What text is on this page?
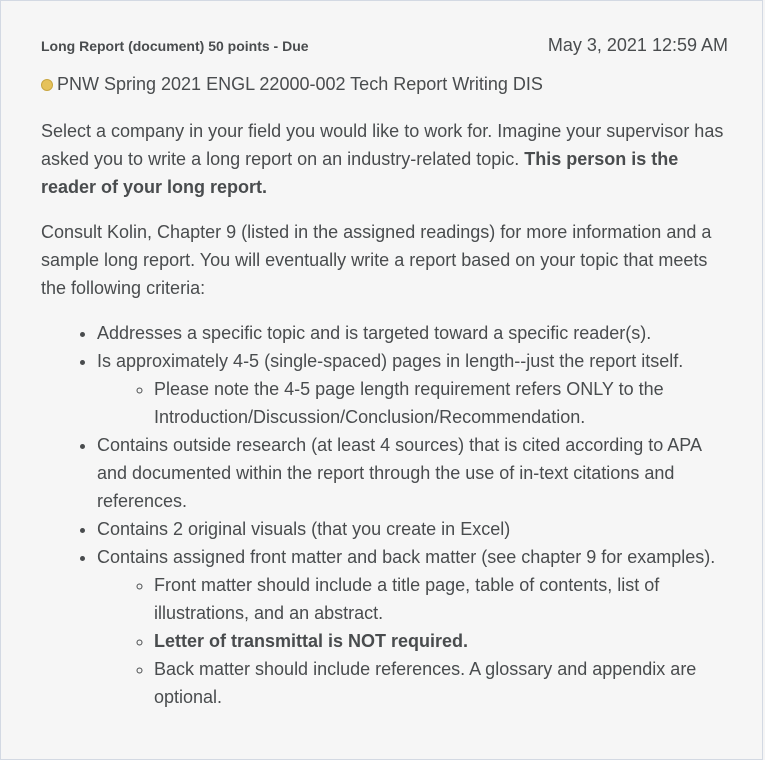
Long Report (document) 50 points - Due	May 3, 2021 12:59 AM
PNW Spring 2021 ENGL 22000-002 Tech Report Writing DIS

Select a company in your field you would like to work for. Imagine your supervisor has asked you to write a long report on an industry-related topic. This person is the reader of your long report.

Consult Kolin, Chapter 9 (listed in the assigned readings) for more information and a sample long report. You will eventually write a report based on your topic that meets the following criteria:

• Addresses a specific topic and is targeted toward a specific reader(s).
• Is approximately 4-5 (single-spaced) pages in length--just the report itself.
◦ Please note the 4-5 page length requirement refers ONLY to the Introduction/Discussion/Conclusion/Recommendation.
• Contains outside research (at least 4 sources) that is cited according to APA and documented within the report through the use of in-text citations and references.
• Contains 2 original visuals (that you create in Excel)
• Contains assigned front matter and back matter (see chapter 9 for examples).
◦ Front matter should include a title page, table of contents, list of illustrations, and an abstract.
◦ Letter of transmittal is NOT required.
◦ Back matter should include references. A glossary and appendix are optional.
